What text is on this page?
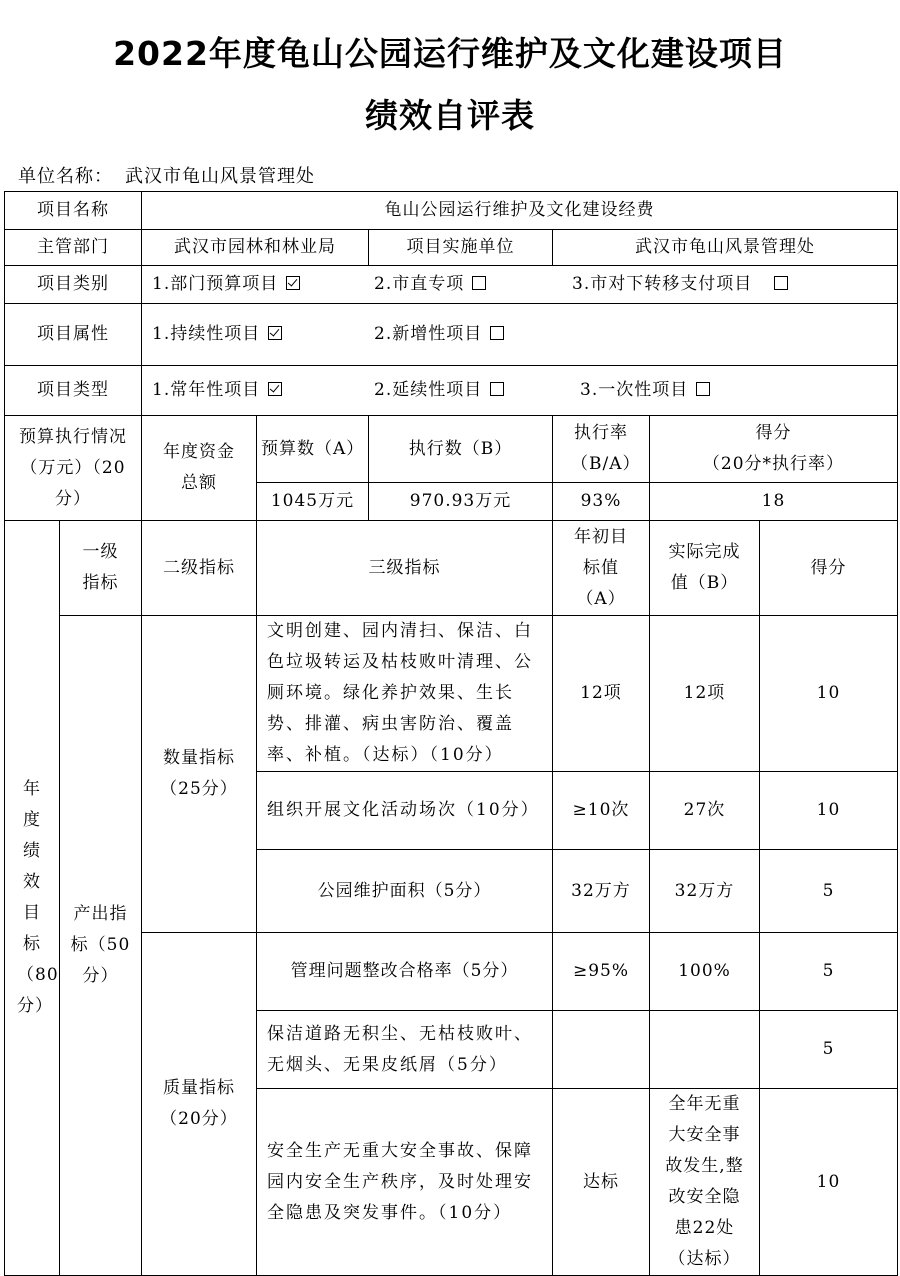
2022年度龟山公园运行维护及文化建设项目
绩效自评表
单位名称： 武汉市龟山风景管理处
项目名称		龟山公园运行维护及文化建设经费					
主管部门		武汉市园林和林业局		项目实施单位	武汉市龟山风景管理处		
项目类别		1.部门预算项目 2.市直专项 3.市对下转移支付项目					
项目属性		1.持续性项目 2.新增性项目					
项目类型		1.常年性项目 2.延续性项目 3.一次性项目					
预算执行情况（万元）（20分）		年度资金总额	预算数（A）	执行数（B）	执行率（B/A）	得分
（20分*执行率）	

			1045万元	970.93万元	93%	18	
年度绩效目标（80分）	一级指标	二级指标	三级指标		年初目标值（A）	实际完成值（B）	得分
	产出指标（50分）	数量指标（25分）	文明创建、园内清扫、保洁、白色垃圾转运及枯枝败叶清理、公厕环境。绿化养护效果、生长势、排灌、病虫害防治、覆盖率、补植。（达标）（10分）		12项	12项	10
			组织开展文化活动场次（10分）		≥10次	27次	10
			公园维护面积（5分）		32万方	32万方	5
		质量指标（20分）	管理问题整改合格率（5分）		≥95%	100%	5
			保洁道路无积尘、无枯枝败叶、无烟头、无果皮纸屑（5分）				5
			安全生产无重大安全事故、保障园内安全生产秩序，及时处理安全隐患及突发事件。（10分）		达标	全年无重大安全事故发生,整改安全隐患22处（达标）	10
